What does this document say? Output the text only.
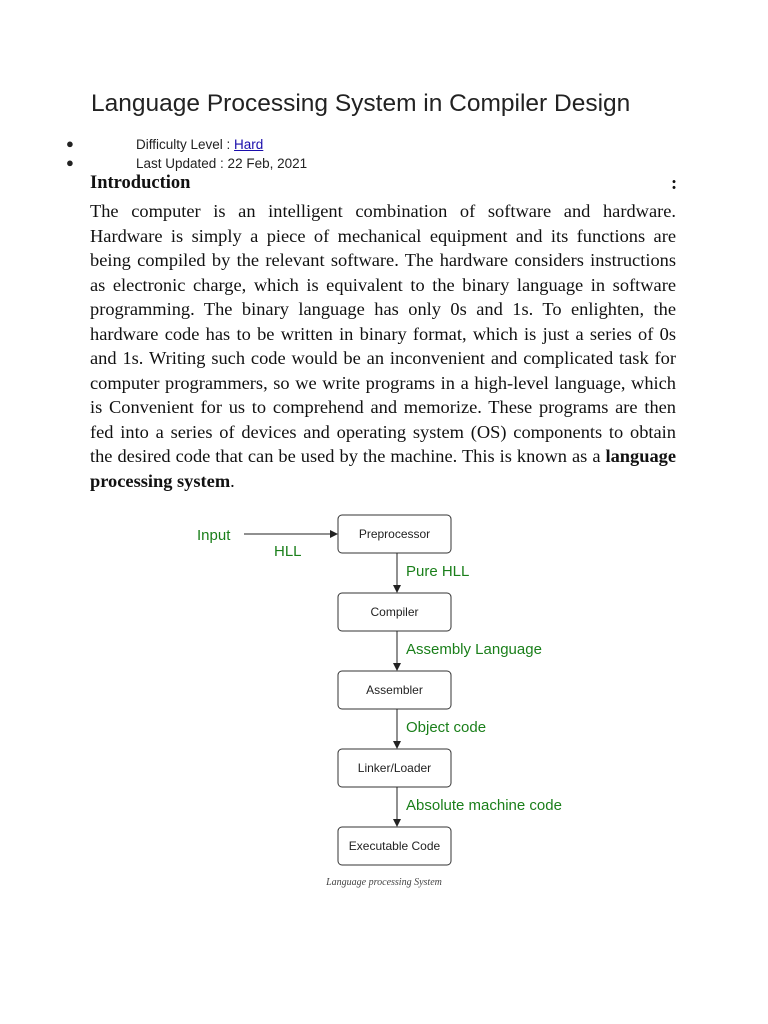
Language Processing System in Compiler Design
●	Difficulty Level : Hard
●	Last Updated : 22 Feb, 2021
Introduction	:
The computer is an intelligent combination of software and hardware. Hardware is simply a piece of mechanical equipment and its functions are being compiled by the relevant software. The hardware considers instructions as electronic charge, which is equivalent to the binary language in software programming. The binary language has only 0s and 1s. To enlighten, the hardware code has to be written in binary format, which is just a series of 0s and 1s. Writing such code would be an inconvenient and complicated task for computer programmers, so we write programs in a high-level language, which is Convenient for us to comprehend and memorize. These programs are then fed into a series of devices and operating system (OS) components to obtain the desired code that can be used by the machine. This is known as a language processing system.
Input
HLL
Preprocessor
Compiler
Assembler
Linker/Loader
Executable Code
Pure HLL
Assembly Language
Object code
Absolute machine code
Language processing System
